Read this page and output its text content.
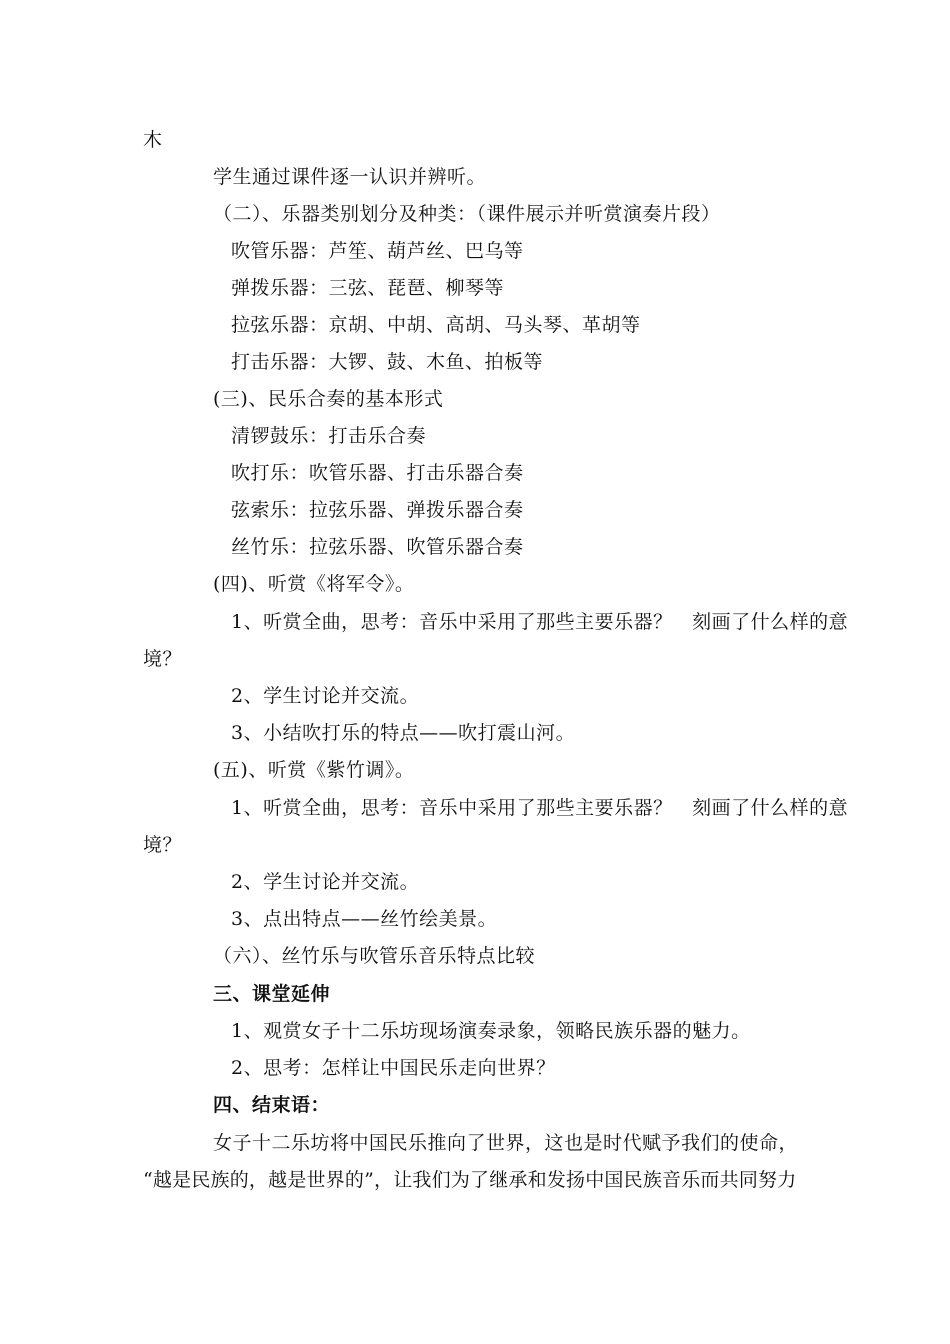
木
学生通过课件逐一认识并辨听。
（二）、乐器类别划分及种类：（课件展示并听赏演奏片段）
吹管乐器：芦笙、葫芦丝、巴乌等
弹拨乐器：三弦、琵琶、柳琴等
拉弦乐器：京胡、中胡、高胡、马头琴、革胡等
打击乐器：大锣、鼓、木鱼、拍板等
(三)、民乐合奏的基本形式
清锣鼓乐：打击乐合奏
吹打乐：吹管乐器、打击乐器合奏
弦索乐：拉弦乐器、弹拨乐器合奏
丝竹乐：拉弦乐器、吹管乐器合奏
(四)、听赏《将军令》。
1、听赏全曲，思考：音乐中采用了那些主要乐器？　刻画了什么样的意
境？
2、学生讨论并交流。
3、小结吹打乐的特点——吹打震山河。
(五)、听赏《紫竹调》。
1、听赏全曲，思考：音乐中采用了那些主要乐器？　刻画了什么样的意
境？
2、学生讨论并交流。
3、点出特点——丝竹绘美景。
（六）、丝竹乐与吹管乐音乐特点比较
三、课堂延伸
1、观赏女子十二乐坊现场演奏录象，领略民族乐器的魅力。
2、思考：怎样让中国民乐走向世界？
四、结束语：
女子十二乐坊将中国民乐推向了世界，这也是时代赋予我们的使命，
“越是民族的，越是世界的”，让我们为了继承和发扬中国民族音乐而共同努力
